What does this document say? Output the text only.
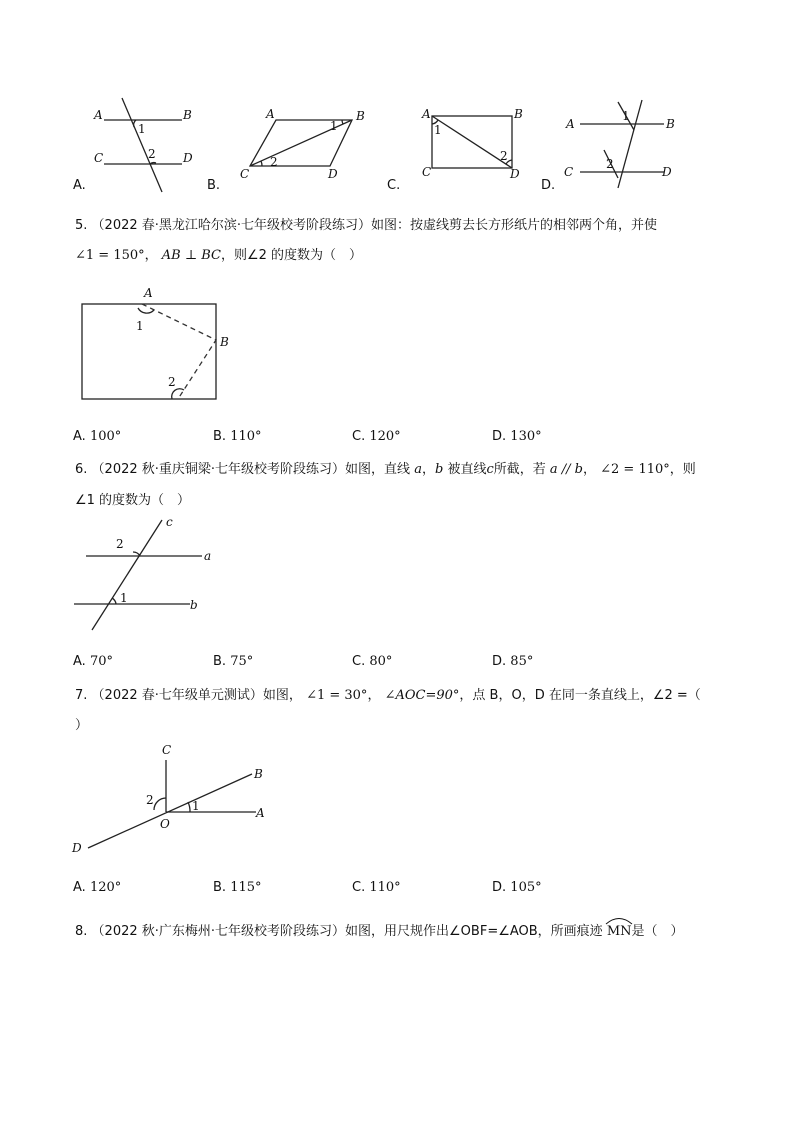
A	B
C	D
1
2
A.
A	B
C	D
1
2
B.
A	B
C	D
1
2
C.
A	B
C	D
1
2
D.
5. （2022 春·黑龙江哈尔滨·七年级校考阶段练习）如图：按虚线剪去长方形纸片的相邻两个角，并使
∠1 = 150°， AB ⊥ BC，则∠2 的度数为（　）
A
B
1
2
A. 100°	B. 110°	C. 120°	D. 130°
6. （2022 秋·重庆铜梁·七年级校考阶段练习）如图，直线 a，b 被直线c所截，若 a // b， ∠2 = 110°，则
∠1 的度数为（　）
c
a
b
2
1
A. 70°	B. 75°	C. 80°	D. 85°
7. （2022 春·七年级单元测试）如图， ∠1 = 30°， ∠AOC=90°，点 B，O，D 在同一条直线上，∠2 =（
）
C
B
A
O
D
2	1
A. 120°	B. 115°	C. 110°	D. 105°
8. （2022 秋·广东梅州·七年级校考阶段练习）如图，用尺规作出∠OBF=∠AOB，所画痕迹 MN是（　）
